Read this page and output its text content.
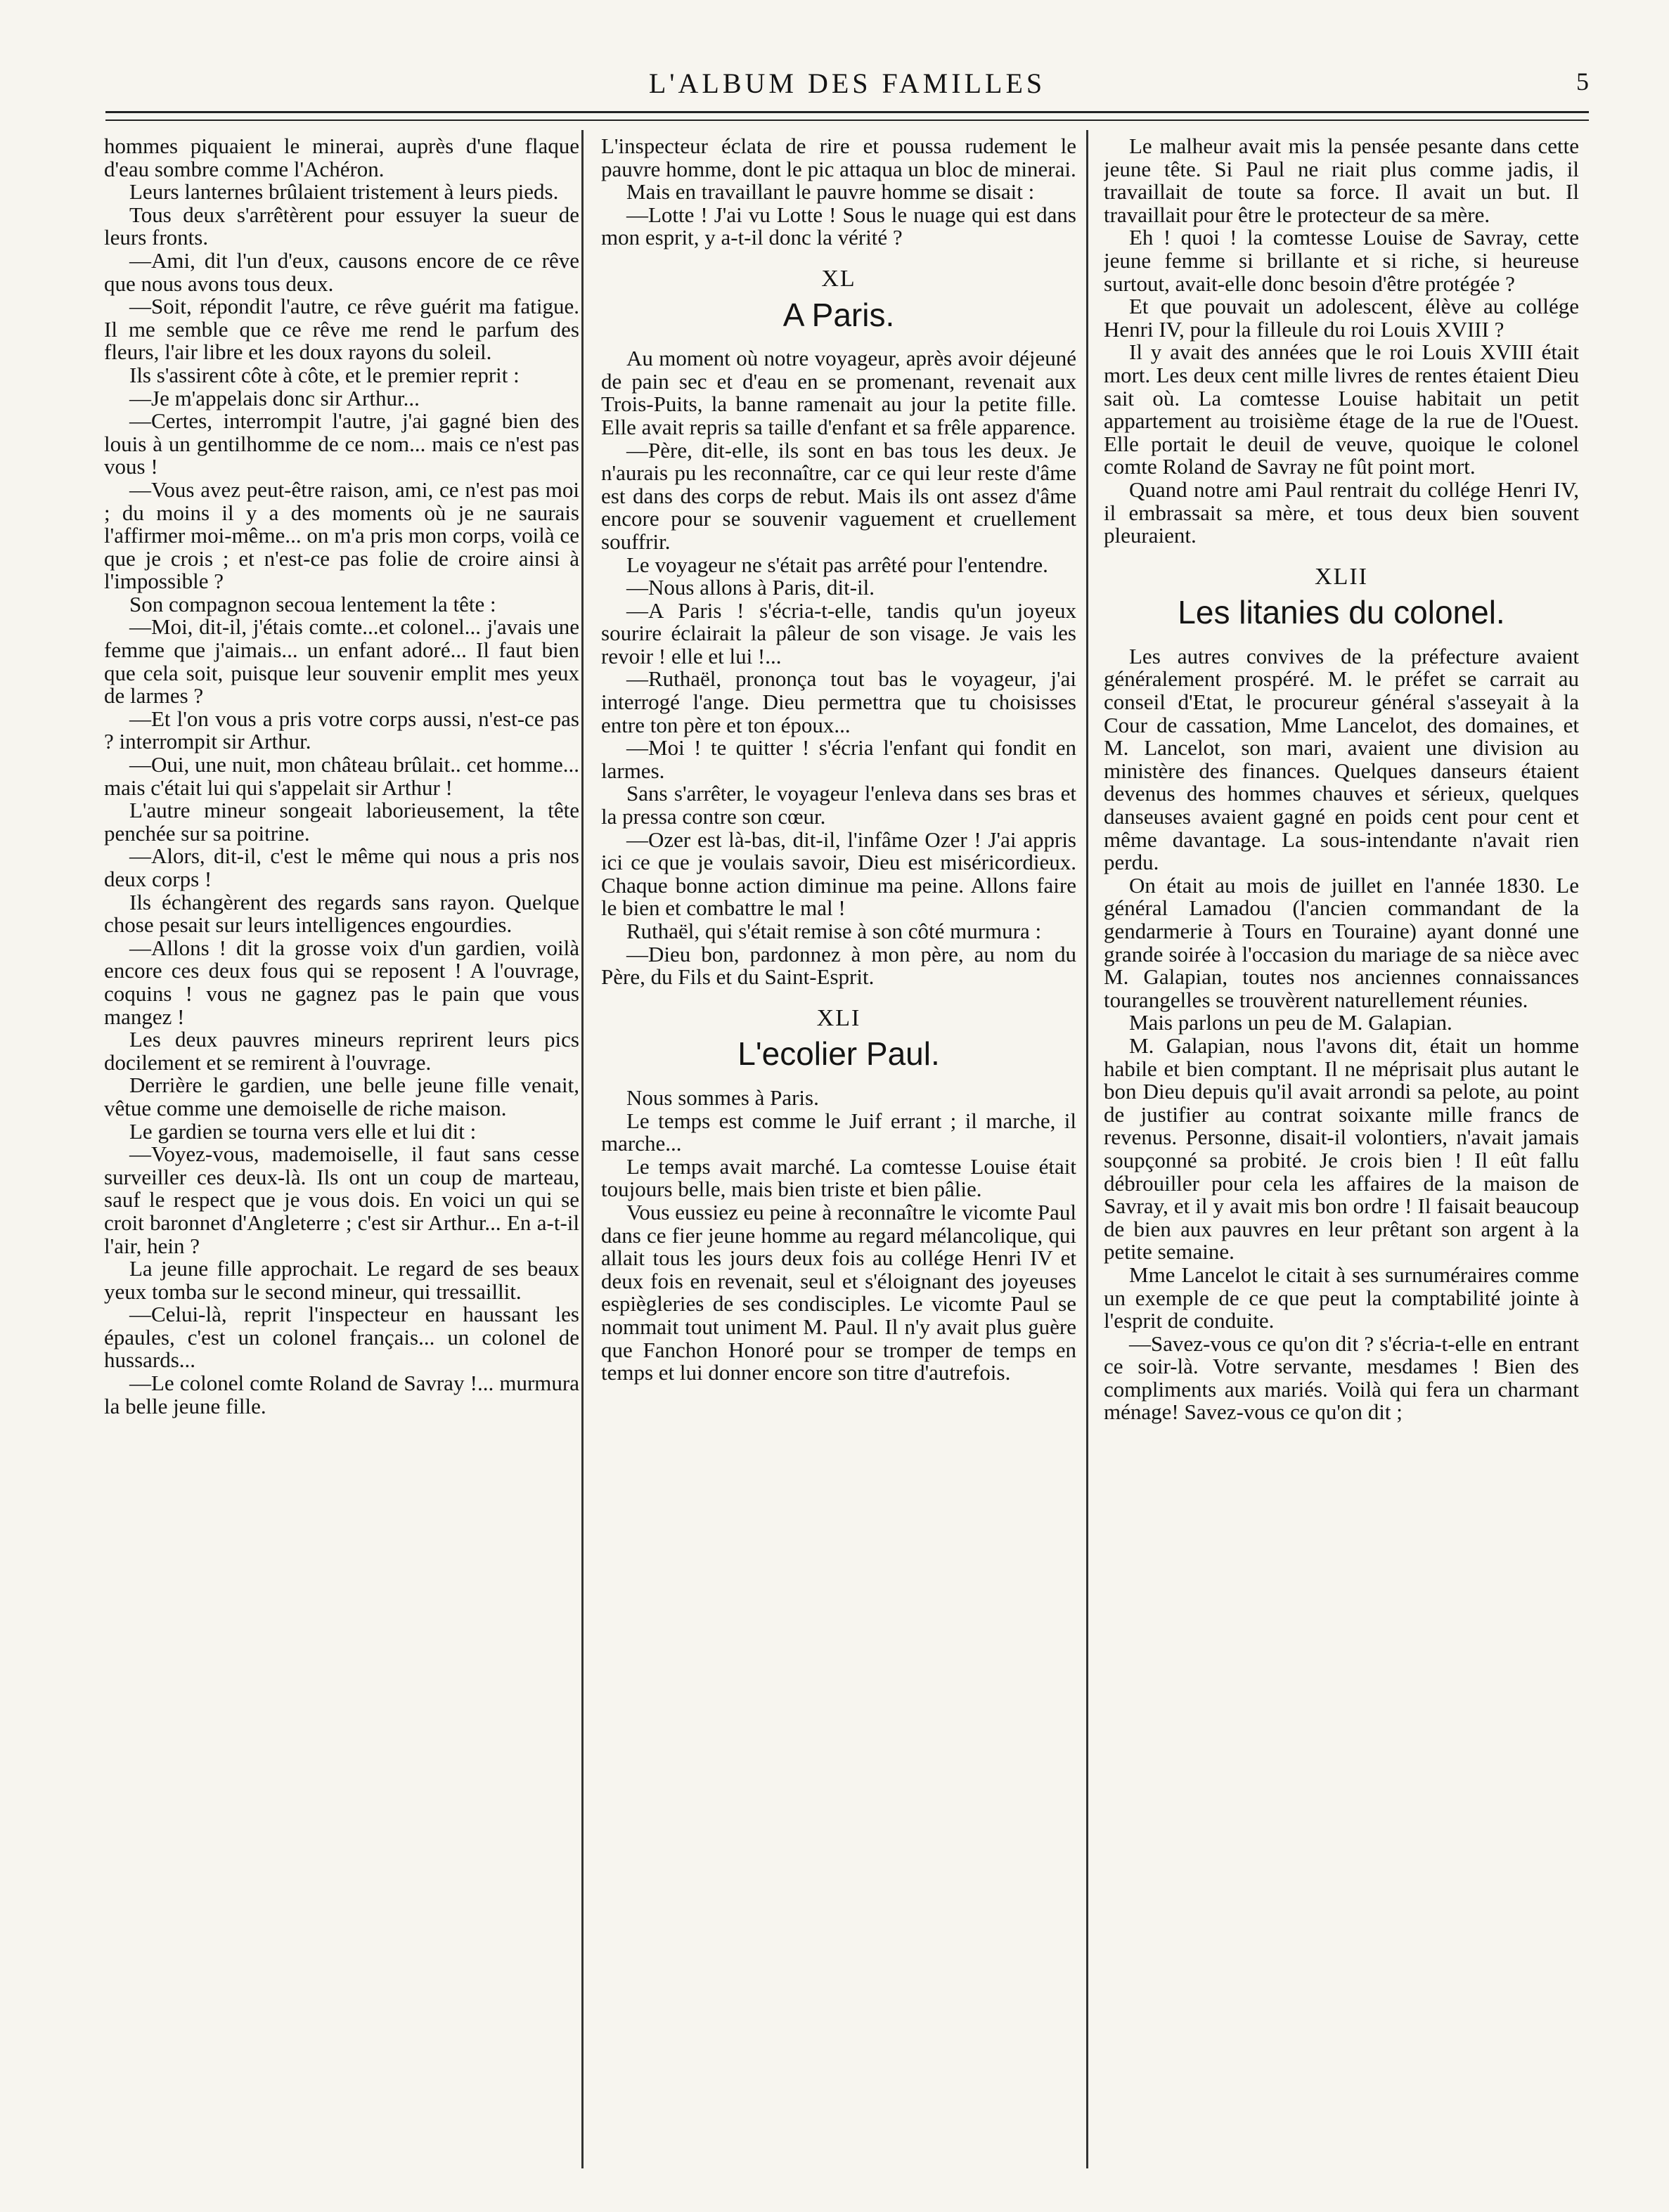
L'ALBUM DES FAMILLES	5

hommes piquaient le minerai, auprès d'une flaque d'eau sombre comme l'Achéron.

Leurs lanternes brûlaient tristement à leurs pieds.

Tous deux s'arrêtèrent pour essuyer la sueur de leurs fronts.

—Ami, dit l'un d'eux, causons encore de ce rêve que nous avons tous deux.

—Soit, répondit l'autre, ce rêve guérit ma fatigue. Il me semble que ce rêve me rend le parfum des fleurs, l'air libre et les doux rayons du soleil.

Ils s'assirent côte à côte, et le premier reprit :

—Je m'appelais donc sir Arthur...

—Certes, interrompit l'autre, j'ai gagné bien des louis à un gentilhomme de ce nom... mais ce n'est pas vous !

—Vous avez peut-être raison, ami, ce n'est pas moi ; du moins il y a des moments où je ne saurais l'affirmer moi-même... on m'a pris mon corps, voilà ce que je crois ; et n'est-ce pas folie de croire ainsi à l'impossible ?

Son compagnon secoua lentement la tête :

—Moi, dit-il, j'étais comte...et colonel... j'avais une femme que j'aimais... un enfant adoré... Il faut bien que cela soit, puisque leur souvenir emplit mes yeux de larmes ?

—Et l'on vous a pris votre corps aussi, n'est-ce pas ? interrompit sir Arthur.

—Oui, une nuit, mon château brûlait.. cet homme... mais c'était lui qui s'appelait sir Arthur !

L'autre mineur songeait laborieusement, la tête penchée sur sa poitrine.

—Alors, dit-il, c'est le même qui nous a pris nos deux corps !

Ils échangèrent des regards sans rayon. Quelque chose pesait sur leurs intelligences engourdies.

—Allons ! dit la grosse voix d'un gardien, voilà encore ces deux fous qui se reposent ! A l'ouvrage, coquins ! vous ne gagnez pas le pain que vous mangez !

Les deux pauvres mineurs reprirent leurs pics docilement et se remirent à l'ouvrage.

Derrière le gardien, une belle jeune fille venait, vêtue comme une demoiselle de riche maison.

Le gardien se tourna vers elle et lui dit :

—Voyez-vous, mademoiselle, il faut sans cesse surveiller ces deux-là. Ils ont un coup de marteau, sauf le respect que je vous dois. En voici un qui se croit baronnet d'Angleterre ; c'est sir Arthur... En a-t-il l'air, hein ?

La jeune fille approchait. Le regard de ses beaux yeux tomba sur le second mineur, qui tressaillit.

—Celui-là, reprit l'inspecteur en haussant les épaules, c'est un colonel français... un colonel de hussards...

—Le colonel comte Roland de Savray !... murmura la belle jeune fille.

L'inspecteur éclata de rire et poussa rudement le pauvre homme, dont le pic attaqua un bloc de minerai.

Mais en travaillant le pauvre homme se disait :

—Lotte ! J'ai vu Lotte ! Sous le nuage qui est dans mon esprit, y a-t-il donc la vérité ?

XL
A Paris.

Au moment où notre voyageur, après avoir déjeuné de pain sec et d'eau en se promenant, revenait aux Trois-Puits, la banne ramenait au jour la petite fille. Elle avait repris sa taille d'enfant et sa frêle apparence.

—Père, dit-elle, ils sont en bas tous les deux. Je n'aurais pu les reconnaître, car ce qui leur reste d'âme est dans des corps de rebut. Mais ils ont assez d'âme encore pour se souvenir vaguement et cruellement souffrir.

Le voyageur ne s'était pas arrêté pour l'entendre.

—Nous allons à Paris, dit-il.

—A Paris ! s'écria-t-elle, tandis qu'un joyeux sourire éclairait la pâleur de son visage. Je vais les revoir ! elle et lui !...

—Ruthaël, prononça tout bas le voyageur, j'ai interrogé l'ange. Dieu permettra que tu choisisses entre ton père et ton époux...

—Moi ! te quitter ! s'écria l'enfant qui fondit en larmes.

Sans s'arrêter, le voyageur l'enleva dans ses bras et la pressa contre son cœur.

—Ozer est là-bas, dit-il, l'infâme Ozer ! J'ai appris ici ce que je voulais savoir, Dieu est miséricordieux. Chaque bonne action diminue ma peine. Allons faire le bien et combattre le mal !

Ruthaël, qui s'était remise à son côté murmura :

—Dieu bon, pardonnez à mon père, au nom du Père, du Fils et du Saint-Esprit.

XLI
L'ecolier Paul.

Nous sommes à Paris.

Le temps est comme le Juif errant ; il marche, il marche...

Le temps avait marché. La comtesse Louise était toujours belle, mais bien triste et bien pâlie.

Vous eussiez eu peine à reconnaître le vicomte Paul dans ce fier jeune homme au regard mélancolique, qui allait tous les jours deux fois au collége Henri IV et deux fois en revenait, seul et s'éloignant des joyeuses espiègleries de ses condisciples. Le vicomte Paul se nommait tout uniment M. Paul. Il n'y avait plus guère que Fanchon Honoré pour se tromper de temps en temps et lui donner encore son titre d'autrefois.

Le malheur avait mis la pensée pesante dans cette jeune tête. Si Paul ne riait plus comme jadis, il travaillait de toute sa force. Il avait un but. Il travaillait pour être le protecteur de sa mère.

Eh ! quoi ! la comtesse Louise de Savray, cette jeune femme si brillante et si riche, si heureuse surtout, avait-elle donc besoin d'être protégée ?

Et que pouvait un adolescent, élève au collége Henri IV, pour la filleule du roi Louis XVIII ?

Il y avait des années que le roi Louis XVIII était mort. Les deux cent mille livres de rentes étaient Dieu sait où. La comtesse Louise habitait un petit appartement au troisième étage de la rue de l'Ouest. Elle portait le deuil de veuve, quoique le colonel comte Roland de Savray ne fût point mort.

Quand notre ami Paul rentrait du collége Henri IV, il embrassait sa mère, et tous deux bien souvent pleuraient.

XLII
Les litanies du colonel.

Les autres convives de la préfecture avaient généralement prospéré. M. le préfet se carrait au conseil d'Etat, le procureur général s'asseyait à la Cour de cassation, Mme Lancelot, des domaines, et M. Lancelot, son mari, avaient une division au ministère des finances. Quelques danseurs étaient devenus des hommes chauves et sérieux, quelques danseuses avaient gagné en poids cent pour cent et même davantage. La sous-intendante n'avait rien perdu.

On était au mois de juillet en l'année 1830. Le général Lamadou (l'ancien commandant de la gendarmerie à Tours en Touraine) ayant donné une grande soirée à l'occasion du mariage de sa nièce avec M. Galapian, toutes nos anciennes connaissances tourangelles se trouvèrent naturellement réunies.

Mais parlons un peu de M. Galapian.

M. Galapian, nous l'avons dit, était un homme habile et bien comptant. Il ne méprisait plus autant le bon Dieu depuis qu'il avait arrondi sa pelote, au point de justifier au contrat soixante mille francs de revenus. Personne, disait-il volontiers, n'avait jamais soupçonné sa probité. Je crois bien ! Il eût fallu débrouiller pour cela les affaires de la maison de Savray, et il y avait mis bon ordre ! Il faisait beaucoup de bien aux pauvres en leur prêtant son argent à la petite semaine.

Mme Lancelot le citait à ses surnuméraires comme un exemple de ce que peut la comptabilité jointe à l'esprit de conduite.

—Savez-vous ce qu'on dit ? s'écria-t-elle en entrant ce soir-là. Votre servante, mesdames ! Bien des compliments aux mariés. Voilà qui fera un charmant ménage! Savez-vous ce qu'on dit ;
